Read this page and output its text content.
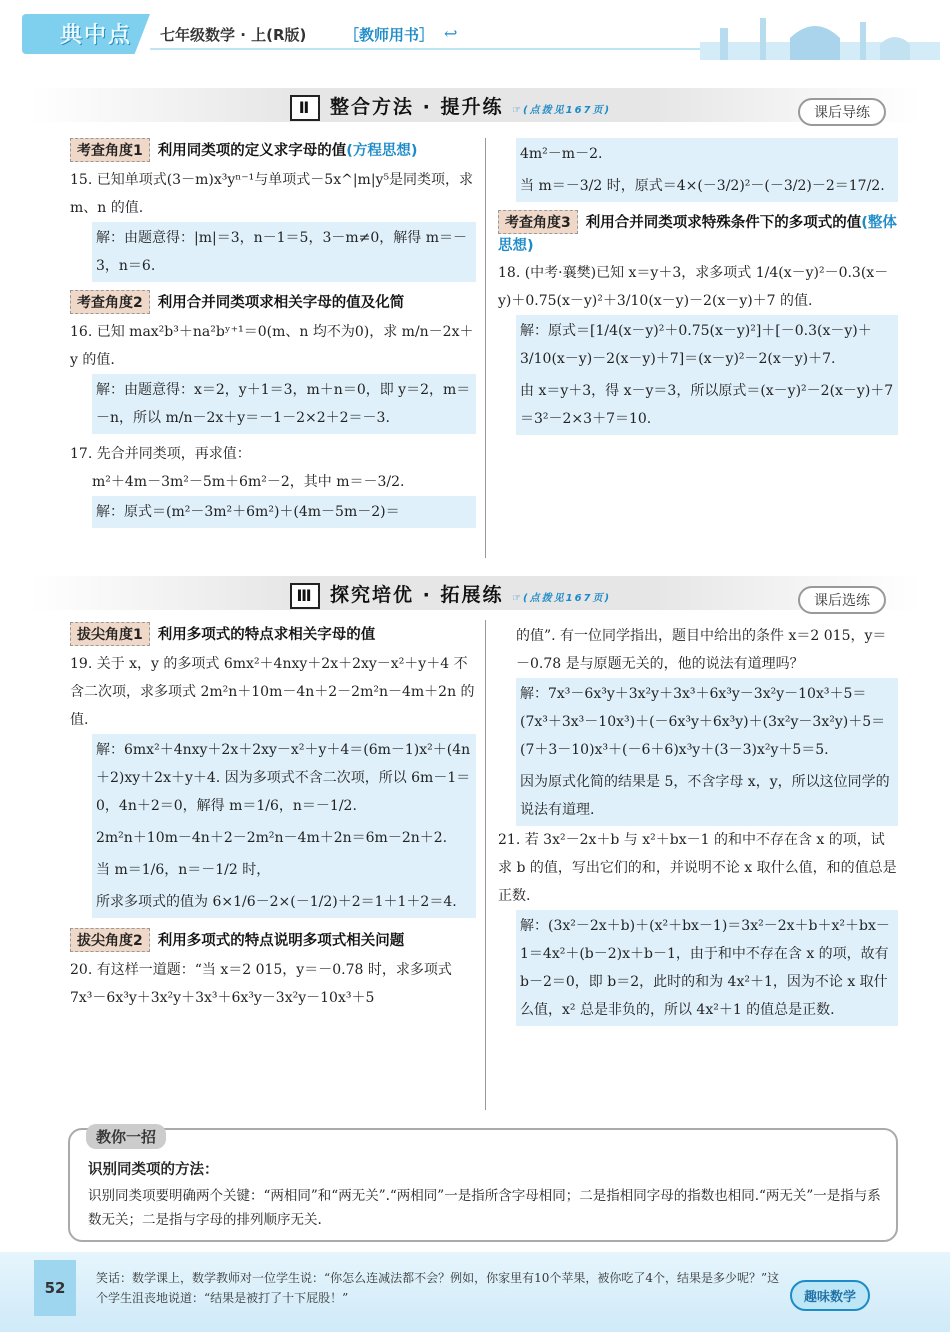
典中点 七年级数学 · 上(R版)	［教师用书］ ↩
Ⅱ 整合方法 · 提升练 ☞(点拨见167页)	课后导练
考查角度1 利用同类项的定义求字母的值(方程思想)
15. 已知单项式(3－m)x³yⁿ⁻¹与单项式－5x^|m|y⁵是同类项，求 m、n 的值.
解：由题意得：|m|＝3，n－1＝5，3－m≠0，解得 m＝－3，n＝6.
考查角度2 利用合并同类项求相关字母的值及化简
16. 已知 max²b³＋na²bʸ⁺¹＝0(m、n 均不为0)，求 m/n－2x＋y 的值.
解：由题意得：x＝2，y＋1＝3，m＋n＝0，即 y＝2，m＝－n，所以 m/n－2x＋y＝－1－2×2＋2＝－3.
17. 先合并同类项，再求值：
m²＋4m－3m²－5m＋6m²－2，其中 m＝－3/2.
解：原式＝(m²－3m²＋6m²)＋(4m－5m－2)＝
4m²－m－2.
当 m＝－3/2 时，原式＝4×(－3/2)²－(－3/2)－2＝17/2.
考查角度3 利用合并同类项求特殊条件下的多项式的值(整体思想)
18. (中考·襄樊)已知 x＝y＋3，求多项式 1/4(x－y)²－0.3(x－y)＋0.75(x－y)²＋3/10(x－y)－2(x－y)＋7 的值.
解：原式＝[1/4(x－y)²＋0.75(x－y)²]＋[－0.3(x－y)＋3/10(x－y)－2(x－y)＋7]＝(x－y)²－2(x－y)＋7.
由 x＝y＋3，得 x－y＝3，所以原式＝(x－y)²－2(x－y)＋7＝3²－2×3＋7＝10.
Ⅲ 探究培优 · 拓展练 ☞(点拨见167页)	课后选练
拔尖角度1 利用多项式的特点求相关字母的值
19. 关于 x，y 的多项式 6mx²＋4nxy＋2x＋2xy－x²＋y＋4 不含二次项，求多项式 2m²n＋10m－4n＋2－2m²n－4m＋2n 的值.
解：6mx²＋4nxy＋2x＋2xy－x²＋y＋4＝(6m－1)x²＋(4n＋2)xy＋2x＋y＋4. 因为多项式不含二次项，所以 6m－1＝0，4n＋2＝0，解得 m＝1/6，n＝－1/2.
2m²n＋10m－4n＋2－2m²n－4m＋2n＝6m－2n＋2.
当 m＝1/6，n＝－1/2 时，
所求多项式的值为 6×1/6－2×(－1/2)＋2＝1＋1＋2＝4.
拔尖角度2 利用多项式的特点说明多项式相关问题
20. 有这样一道题：“当 x＝2 015，y＝－0.78 时，求多项式 7x³－6x³y＋3x²y＋3x³＋6x³y－3x²y－10x³＋5
的值”. 有一位同学指出，题目中给出的条件 x＝2 015，y＝－0.78 是与原题无关的，他的说法有道理吗？
解：7x³－6x³y＋3x²y＋3x³＋6x³y－3x²y－10x³＋5＝(7x³＋3x³－10x³)＋(－6x³y＋6x³y)＋(3x²y－3x²y)＋5＝(7＋3－10)x³＋(－6＋6)x³y＋(3－3)x²y＋5＝5.
因为原式化简的结果是 5，不含字母 x，y，所以这位同学的说法有道理.
21. 若 3x²－2x＋b 与 x²＋bx－1 的和中不存在含 x 的项，试求 b 的值，写出它们的和，并说明不论 x 取什么值，和的值总是正数.
解：(3x²－2x＋b)＋(x²＋bx－1)＝3x²－2x＋b＋x²＋bx－1＝4x²＋(b－2)x＋b－1，由于和中不存在含 x 的项，故有 b－2＝0，即 b＝2，此时的和为 4x²＋1，因为不论 x 取什么值，x² 总是非负的，所以 4x²＋1 的值总是正数.
教你一招
识别同类项的方法：
识别同类项要明确两个关键：“两相同”和“两无关”.“两相同”一是指所含字母相同；二是指相同字母的指数也相同.“两无关”一是指与系数无关；二是指与字母的排列顺序无关.
52
笑话：数学课上，数学教师对一位学生说：“你怎么连减法都不会？例如，你家里有10个苹果，被你吃了4个，结果是多少呢？”这个学生沮丧地说道：“结果是被打了十下屁股！”	趣味数学
